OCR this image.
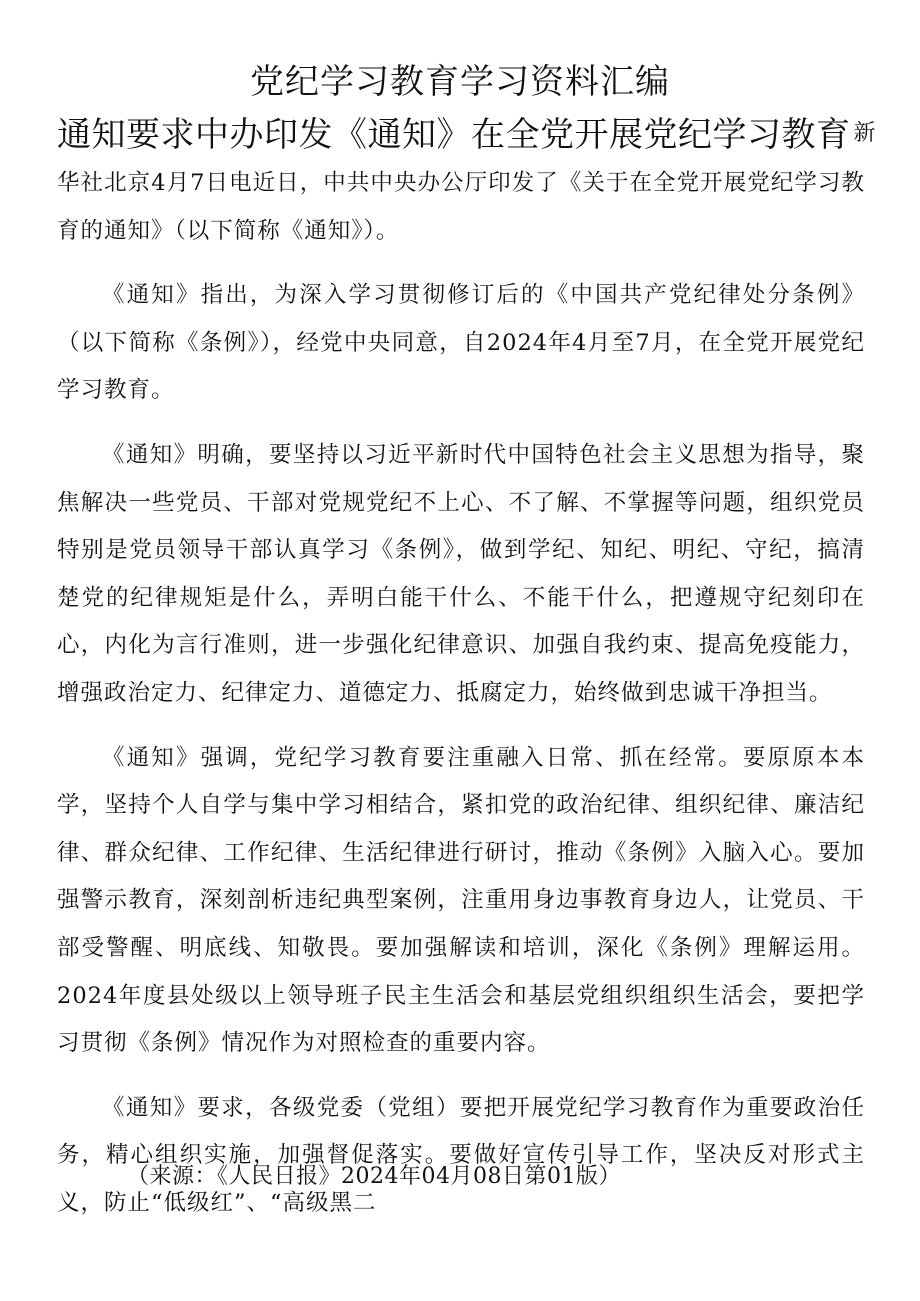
党纪学习教育学习资料汇编
通知要求中办印发《通知》在全党开展党纪学习教育 新

华社北京4月7日电近日，中共中央办公厅印发了《关于在全党开展党纪学习教育的通知》（以下简称《通知》）。

《通知》指出，为深入学习贯彻修订后的《中国共产党纪律处分条例》（以下简称《条例》），经党中央同意，自2024年4月至7月，在全党开展党纪学习教育。

《通知》明确，要坚持以习近平新时代中国特色社会主义思想为指导，聚焦解决一些党员、干部对党规党纪不上心、不了解、不掌握等问题，组织党员特别是党员领导干部认真学习《条例》，做到学纪、知纪、明纪、守纪，搞清楚党的纪律规矩是什么，弄明白能干什么、不能干什么，把遵规守纪刻印在心，内化为言行准则，进一步强化纪律意识、加强自我约束、提高免疫能力，增强政治定力、纪律定力、道德定力、抵腐定力，始终做到忠诚干净担当。

《通知》强调，党纪学习教育要注重融入日常、抓在经常。要原原本本学，坚持个人自学与集中学习相结合，紧扣党的政治纪律、组织纪律、廉洁纪律、群众纪律、工作纪律、生活纪律进行研讨，推动《条例》入脑入心。要加强警示教育，深刻剖析违纪典型案例，注重用身边事教育身边人，让党员、干部受警醒、明底线、知敬畏。要加强解读和培训，深化《条例》理解运用。2024年度县处级以上领导班子民主生活会和基层党组织组织生活会，要把学习贯彻《条例》情况作为对照检查的重要内容。

《通知》要求，各级党委（党组）要把开展党纪学习教育作为重要政治任务，精心组织实施，加强督促落实。要做好宣传引导工作，坚决反对形式主义，防止“低级红”、“高级黑二

（来源：《人民日报》2024年04月08日第01版）
